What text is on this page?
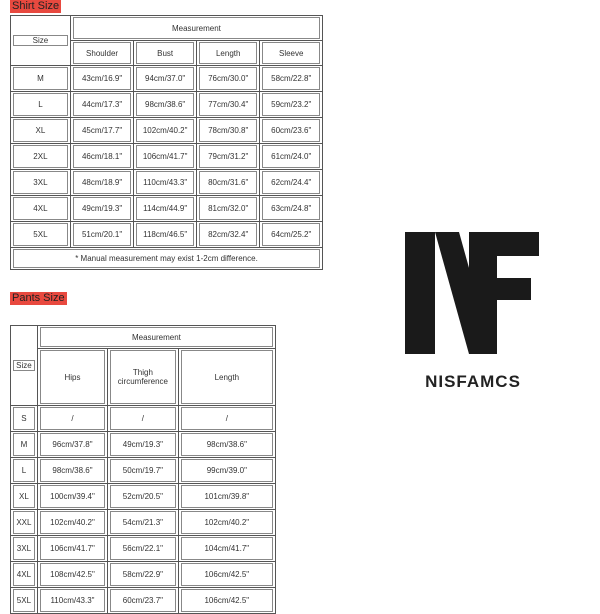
Shirt Size
Size	Measurement			

Shoulder	Bust	Length	Sleeve

M	43cm/16.9"	94cm/37.0"	76cm/30.0"	58cm/22.8"

L	44cm/17.3"	98cm/38.6"	77cm/30.4"	59cm/23.2"

XL	45cm/17.7"	102cm/40.2"	78cm/30.8"	60cm/23.6"

2XL	46cm/18.1"	106cm/41.7"	79cm/31.2"	61cm/24.0"

3XL	48cm/18.9"	110cm/43.3"	80cm/31.6"	62cm/24.4"

4XL	49cm/19.3"	114cm/44.9"	81cm/32.0"	63cm/24.8"

5XL	51cm/20.1"	118cm/46.5"	82cm/32.4"	64cm/25.2"

* Manual measurement may exist 1-2cm difference.				
Pants Size
Size	Measurement		

Hips	Thigh circumference	Length

S	/	/	/

M	96cm/37.8"	49cm/19.3"	98cm/38.6"

L	98cm/38.6"	50cm/19.7"	99cm/39.0"

XL	100cm/39.4"	52cm/20.5"	101cm/39.8"

XXL	102cm/40.2"	54cm/21.3"	102cm/40.2"

3XL	106cm/41.7"	56cm/22.1"	104cm/41.7"

4XL	108cm/42.5"	58cm/22.9"	106cm/42.5"

5XL	110cm/43.3"	60cm/23.7"	106cm/42.5"
NISFAMCS
